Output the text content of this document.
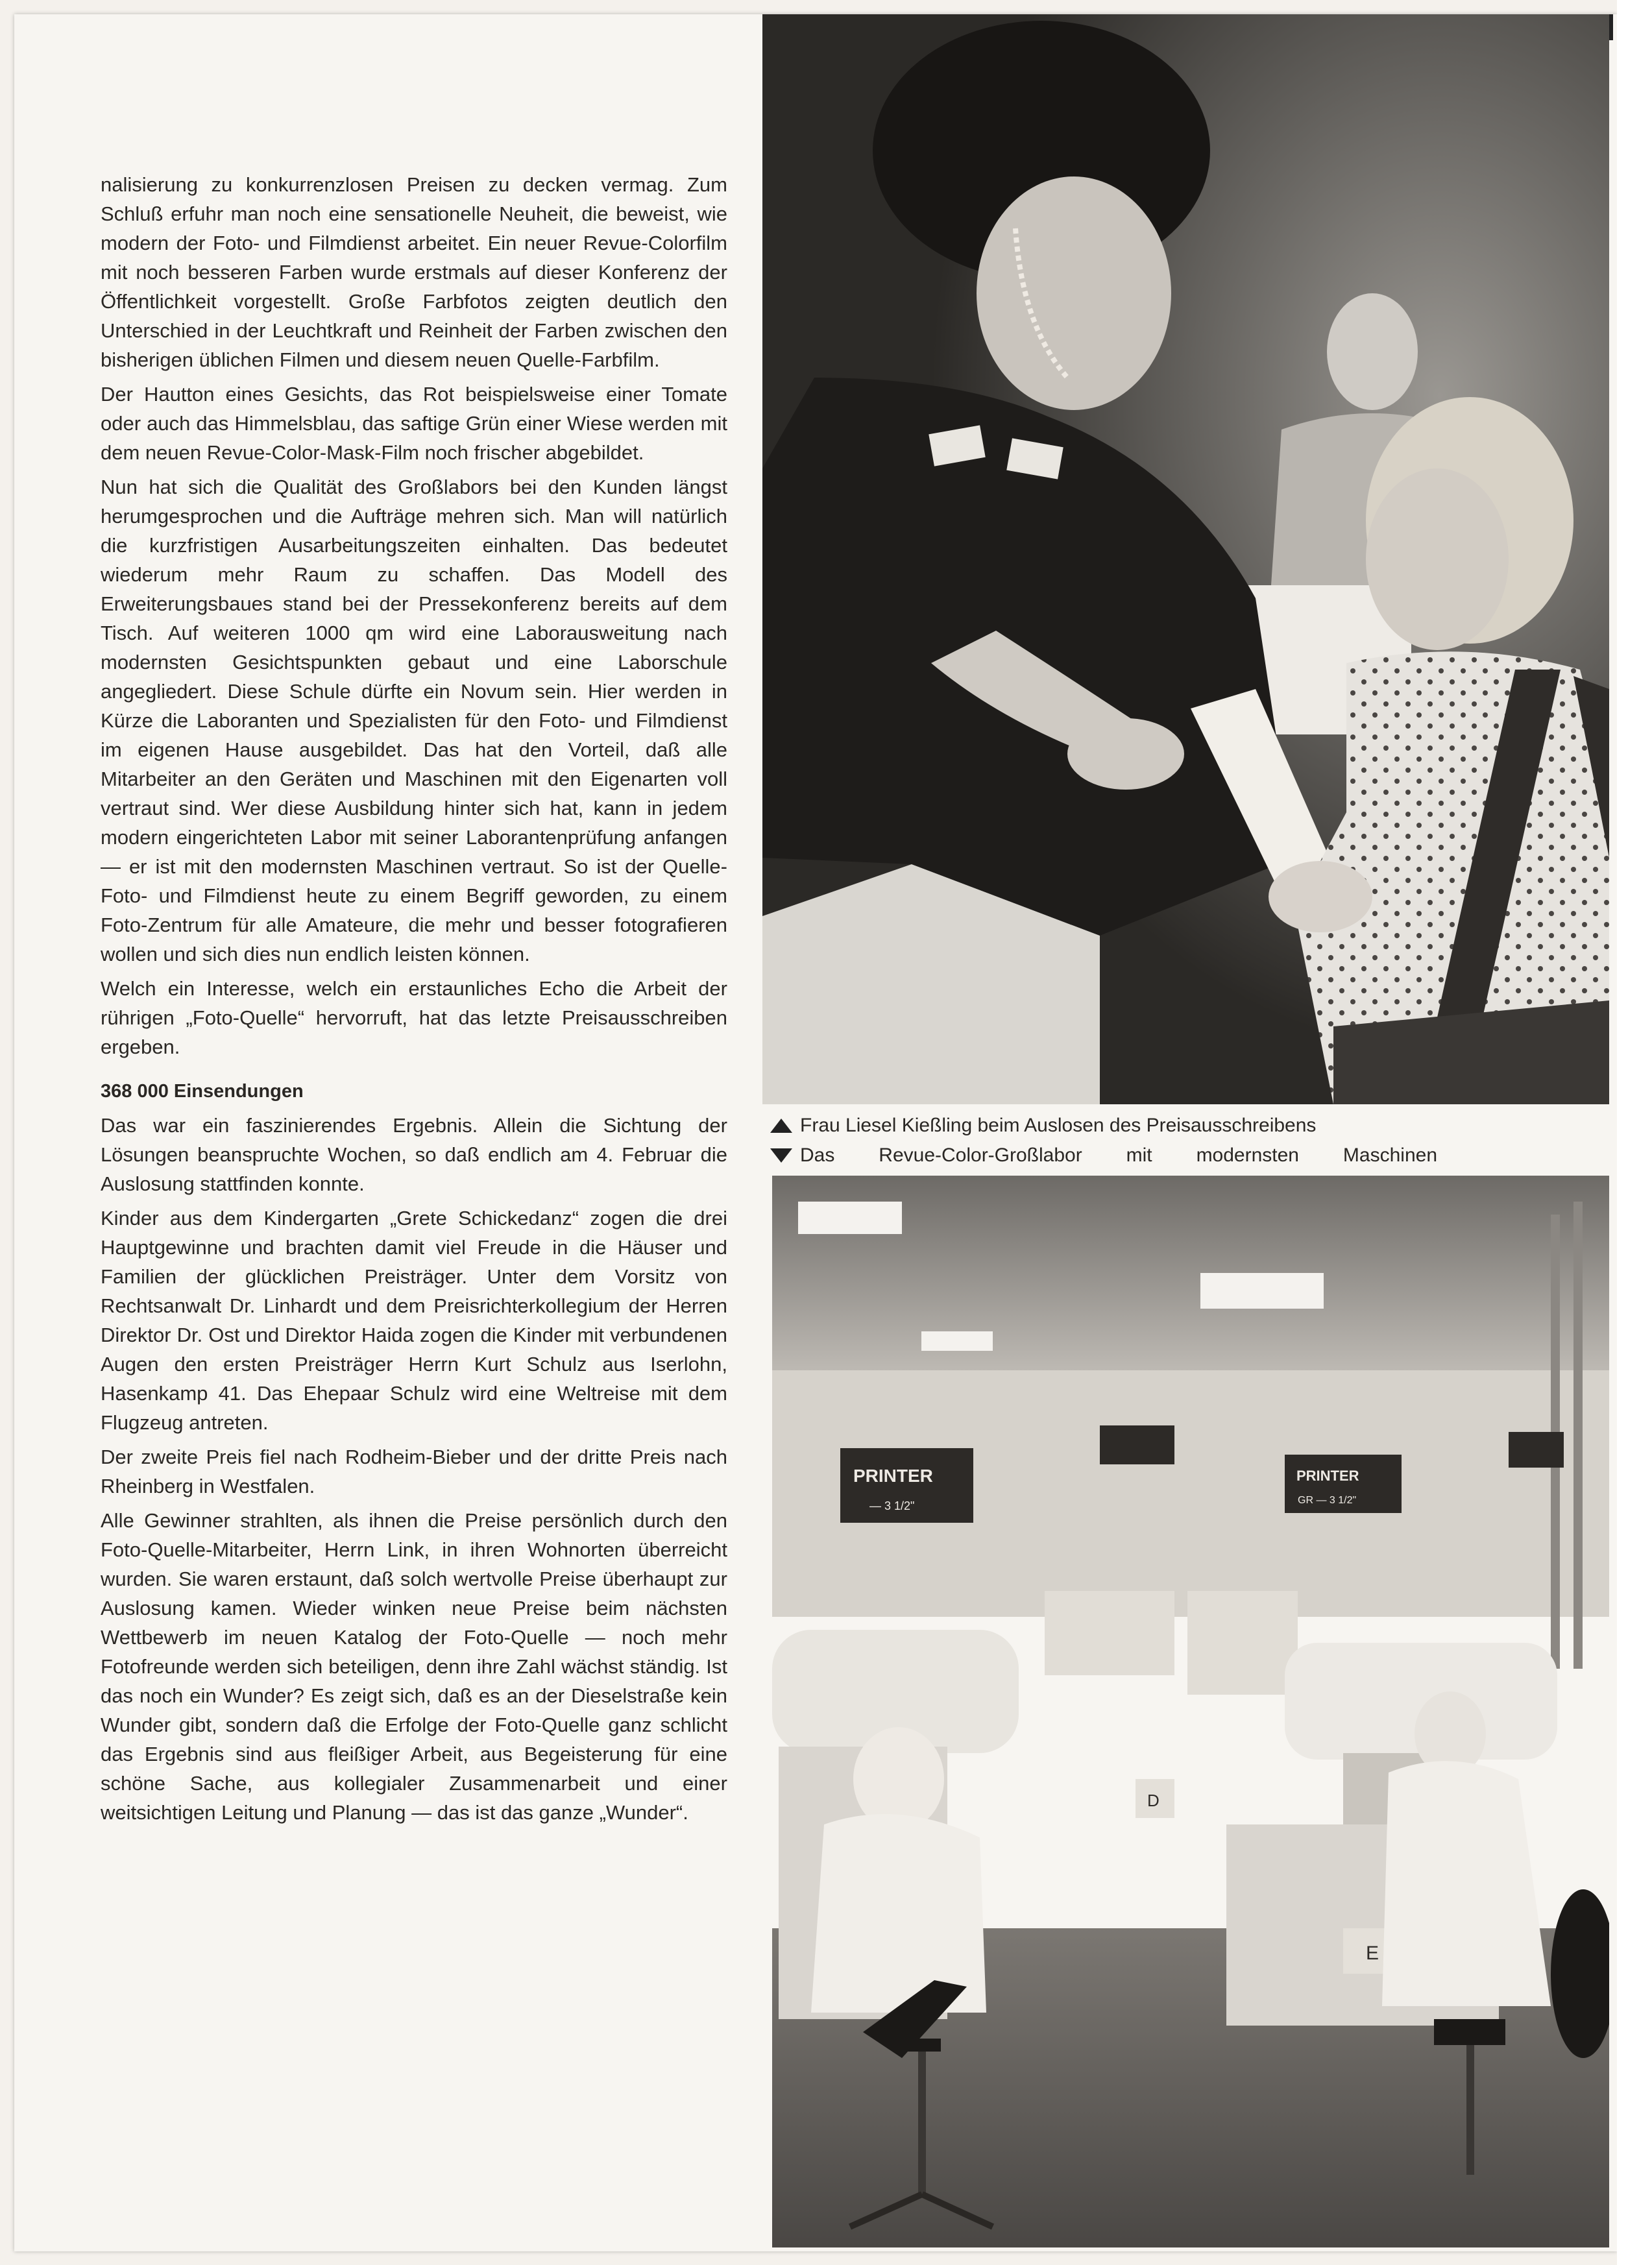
nalisierung zu konkurrenzlosen Preisen zu decken vermag. Zum Schluß erfuhr man noch eine sensationelle Neuheit, die beweist, wie modern der Foto- und Filmdienst arbeitet. Ein neuer Revue-Colorfilm mit noch besseren Farben wurde erstmals auf dieser Konferenz der Öffentlichkeit vorgestellt. Große Farbfotos zeigten deutlich den Unterschied in der Leuchtkraft und Reinheit der Farben zwischen den bisherigen üblichen Filmen und diesem neuen Quelle-Farbfilm.

Der Hautton eines Gesichts, das Rot beispielsweise einer Tomate oder auch das Himmelsblau, das saftige Grün einer Wiese werden mit dem neuen Revue-Color-Mask-Film noch frischer abgebildet.

Nun hat sich die Qualität des Großlabors bei den Kunden längst herumgesprochen und die Aufträge mehren sich. Man will natürlich die kurzfristigen Ausarbeitungszeiten einhalten. Das bedeutet wiederum mehr Raum zu schaffen. Das Modell des Erweiterungsbaues stand bei der Pressekonferenz bereits auf dem Tisch. Auf weiteren 1000 qm wird eine Laborausweitung nach modernsten Gesichtspunkten gebaut und eine Laborschule angegliedert. Diese Schule dürfte ein Novum sein. Hier werden in Kürze die Laboranten und Spezialisten für den Foto- und Filmdienst im eigenen Hause ausgebildet. Das hat den Vorteil, daß alle Mitarbeiter an den Geräten und Maschinen mit den Eigenarten voll vertraut sind. Wer diese Ausbildung hinter sich hat, kann in jedem modern eingerichteten Labor mit seiner Laborantenprüfung anfangen — er ist mit den modernsten Maschinen vertraut. So ist der Quelle-Foto- und Filmdienst heute zu einem Begriff geworden, zu einem Foto-Zentrum für alle Amateure, die mehr und besser fotografieren wollen und sich dies nun endlich leisten können.

Welch ein Interesse, welch ein erstaunliches Echo die Arbeit der rührigen „Foto-Quelle“ hervorruft, hat das letzte Preisausschreiben ergeben.

368 000 Einsendungen

Das war ein faszinierendes Ergebnis. Allein die Sichtung der Lösungen beanspruchte Wochen, so daß endlich am 4. Februar die Auslosung stattfinden konnte.

Kinder aus dem Kindergarten „Grete Schickedanz“ zogen die drei Hauptgewinne und brachten damit viel Freude in die Häuser und Familien der glücklichen Preisträger. Unter dem Vorsitz von Rechtsanwalt Dr. Linhardt und dem Preisrichterkollegium der Herren Direktor Dr. Ost und Direktor Haida zogen die Kinder mit verbundenen Augen den ersten Preisträger Herrn Kurt Schulz aus Iserlohn, Hasenkamp 41. Das Ehepaar Schulz wird eine Weltreise mit dem Flugzeug antreten.

Der zweite Preis fiel nach Rodheim-Bieber und der dritte Preis nach Rheinberg in Westfalen.

Alle Gewinner strahlten, als ihnen die Preise persönlich durch den Foto-Quelle-Mitarbeiter, Herrn Link, in ihren Wohnorten überreicht wurden. Sie waren erstaunt, daß solch wertvolle Preise überhaupt zur Auslosung kamen. Wieder winken neue Preise beim nächsten Wettbewerb im neuen Katalog der Foto-Quelle — noch mehr Fotofreunde werden sich beteiligen, denn ihre Zahl wächst ständig. Ist das noch ein Wunder? Es zeigt sich, daß es an der Dieselstraße kein Wunder gibt, sondern daß die Erfolge der Foto-Quelle ganz schlicht das Ergebnis sind aus fleißiger Arbeit, aus Begeisterung für eine schöne Sache, aus kollegialer Zusammenarbeit und einer weitsichtigen Leitung und Planung — das ist das ganze „Wunder“.

Frau Liesel Kießling beim Auslosen des Preisausschreibens
Das Revue-Color-Großlabor mit modernsten Maschinen
PRINTER
— 3 1/2"
PRINTER
GR — 3 1/2"
E
D
